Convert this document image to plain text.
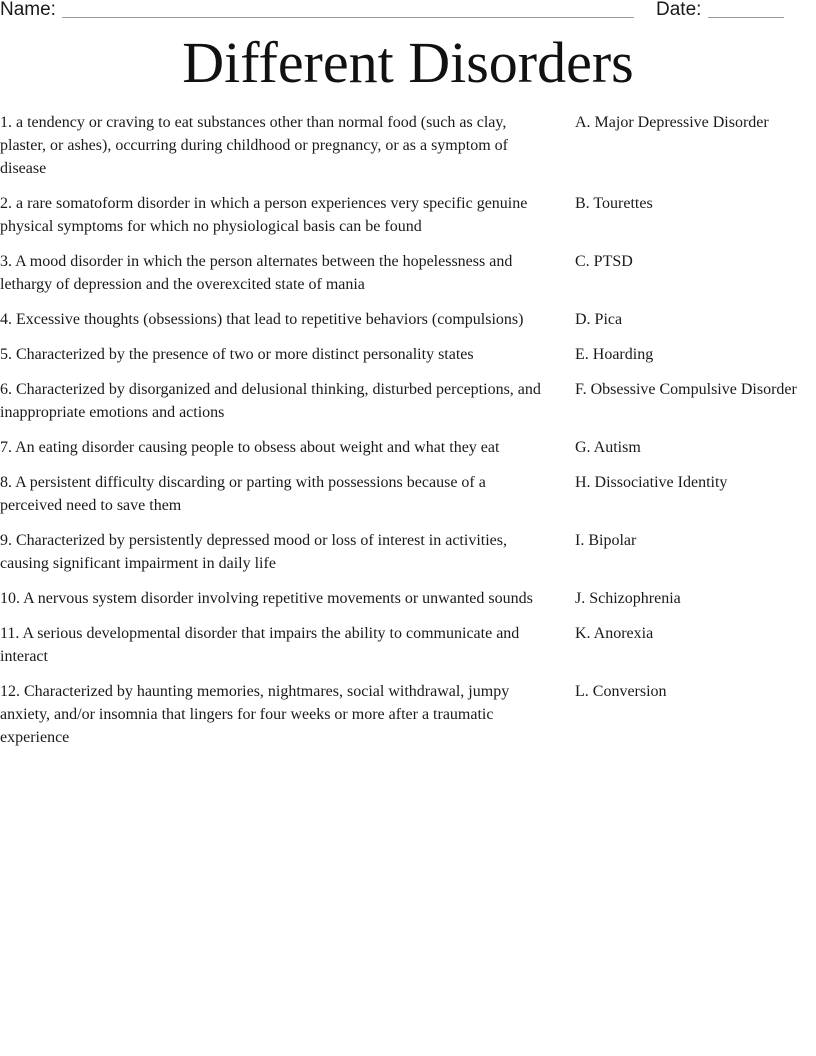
Name:	Date:
Different Disorders
1. a tendency or craving to eat substances other than normal food (such as clay, plaster, or ashes), occurring during childhood or pregnancy, or as a symptom of disease
A. Major Depressive Disorder
2. a rare somatoform disorder in which a person experiences very specific genuine physical symptoms for which no physiological basis can be found
B. Tourettes
3. A mood disorder in which the person alternates between the hopelessness and lethargy of depression and the overexcited state of mania
C. PTSD
4. Excessive thoughts (obsessions) that lead to repetitive behaviors (compulsions)	D. Pica
5. Characterized by the presence of two or more distinct personality states	E. Hoarding
6. Characterized by disorganized and delusional thinking, disturbed perceptions, and inappropriate emotions and actions
F. Obsessive Compulsive Disorder
7. An eating disorder causing people to obsess about weight and what they eat	G. Autism
8. A persistent difficulty discarding or parting with possessions because of a perceived need to save them
H. Dissociative Identity
9. Characterized by persistently depressed mood or loss of interest in activities, causing significant impairment in daily life
I. Bipolar
10. A nervous system disorder involving repetitive movements or unwanted sounds	J. Schizophrenia
11. A serious developmental disorder that impairs the ability to communicate and interact
K. Anorexia
12. Characterized by haunting memories, nightmares, social withdrawal, jumpy anxiety, and/or insomnia that lingers for four weeks or more after a traumatic experience
L. Conversion
